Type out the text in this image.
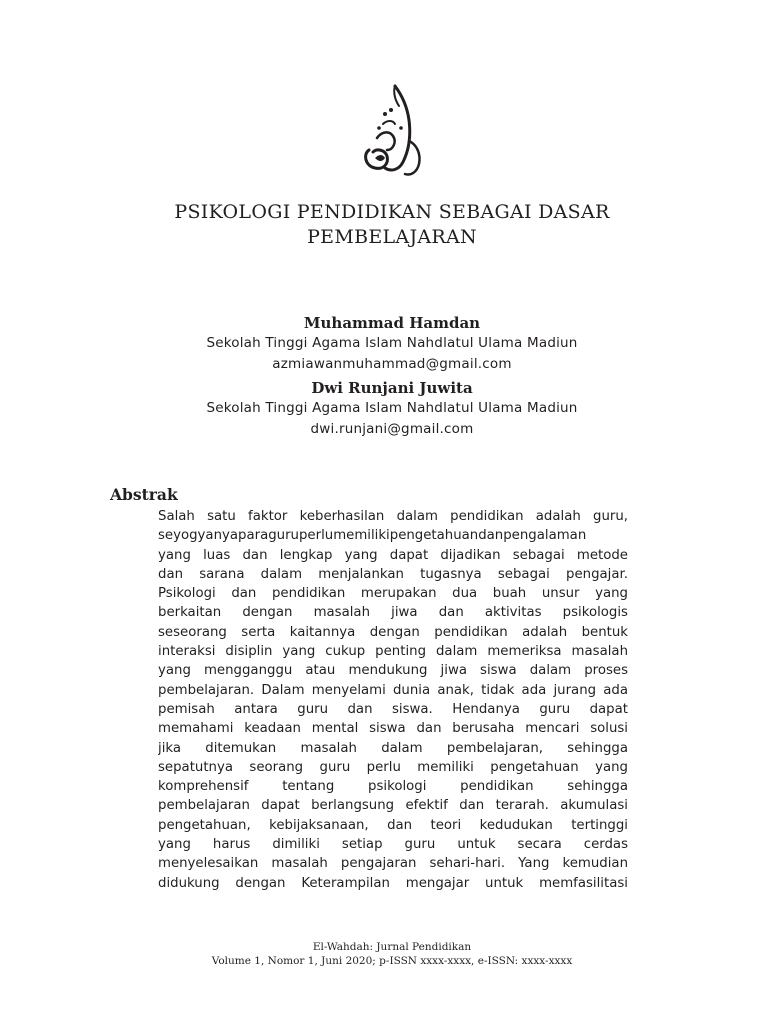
PSIKOLOGI PENDIDIKAN SEBAGAI DASAR
PEMBELAJARAN
Muhammad Hamdan
Sekolah Tinggi Agama Islam Nahdlatul Ulama Madiun
azmiawanmuhammad@gmail.com
Dwi Runjani Juwita
Sekolah Tinggi Agama Islam Nahdlatul Ulama Madiun
dwi.runjani@gmail.com
Abstrak
Salah satu faktor keberhasilan dalam pendidikan adalah guru,
seyogyanyaparaguruperlumemilikipengetahuandanpengalaman
yang luas dan lengkap yang dapat dijadikan sebagai metode
dan sarana dalam menjalankan tugasnya sebagai pengajar.
Psikologi dan pendidikan merupakan dua buah unsur yang
berkaitan dengan masalah jiwa dan aktivitas psikologis
seseorang serta kaitannya dengan pendidikan adalah bentuk
interaksi disiplin yang cukup penting dalam memeriksa masalah
yang mengganggu atau mendukung jiwa siswa dalam proses
pembelajaran. Dalam menyelami dunia anak, tidak ada jurang ada
pemisah antara guru dan siswa. Hendanya guru dapat
memahami keadaan mental siswa dan berusaha mencari solusi
jika ditemukan masalah dalam pembelajaran, sehingga
sepatutnya seorang guru perlu memiliki pengetahuan yang
komprehensif tentang psikologi pendidikan sehingga
pembelajaran dapat berlangsung efektif dan terarah. akumulasi
pengetahuan, kebijaksanaan, dan teori kedudukan tertinggi
yang harus dimiliki setiap guru untuk secara cerdas
menyelesaikan masalah pengajaran sehari-hari. Yang kemudian
didukung dengan Keterampilan mengajar untuk memfasilitasi
El-Wahdah: Jurnal Pendidikan
Volume 1, Nomor 1, Juni 2020; p-ISSN xxxx-xxxx, e-ISSN: xxxx-xxxx
